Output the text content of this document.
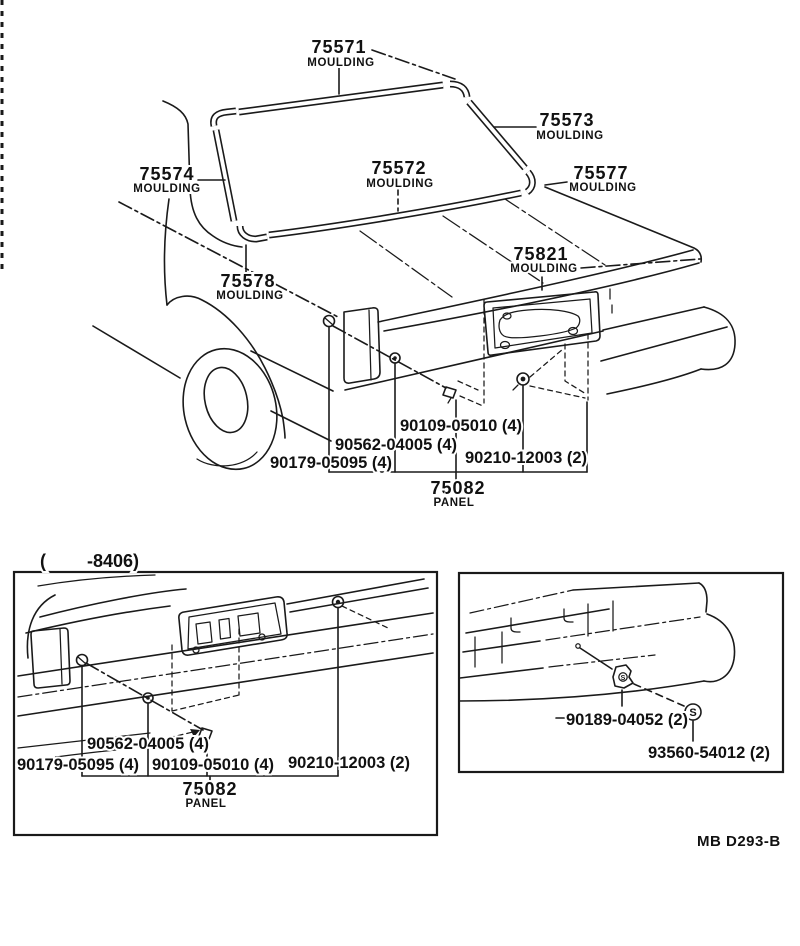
75571
MOULDING
75573
MOULDING
75572
MOULDING
75574
MOULDING
75577
MOULDING
75578
MOULDING
75821
MOULDING
90109-05010 (4)
90562-04005 (4)
90179-05095 (4)	90210-12003 (2)
75082
PANEL
( -8406)
90562-04005 (4)
90179-05095 (4) 90109-05010 (4) 90210-12003 (2)
75082
PANEL
S
S
90189-04052 (2)
93560-54012 (2)
MB D293-B
